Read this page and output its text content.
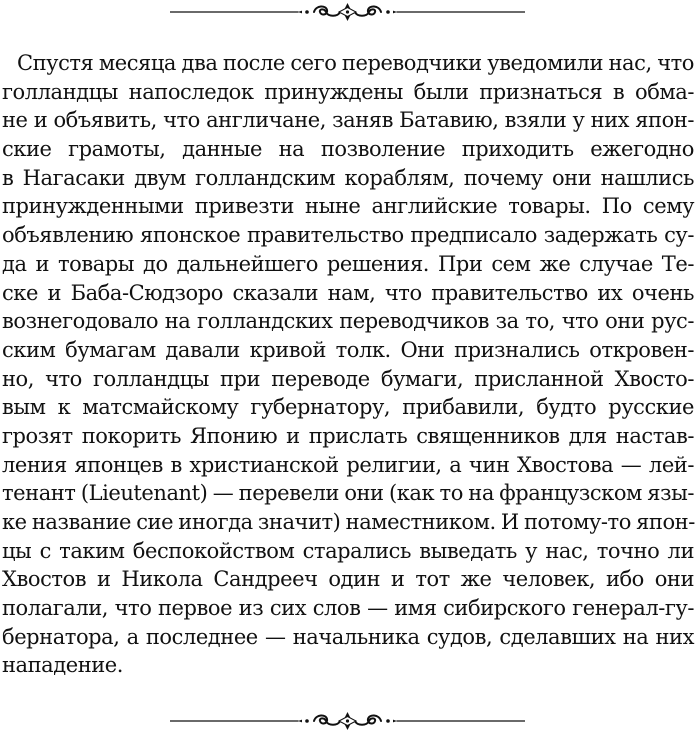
Спустя месяца два после сего переводчики уведомили нас, что
голландцы напоследок принуждены были признаться в обма-
не и объявить, что англичане, заняв Батавию, взяли у них япон-
ские грамоты, данные на позволение приходить ежегодно
в Нагасаки двум голландским кораблям, почему они нашлись
принужденными привезти ныне английские товары. По сему
объявлению японское правительство предписало задержать су-
да и товары до дальнейшего решения. При сем же случае Те-
ске и Баба-Сюдзоро сказали нам, что правительство их очень
вознегодовало на голландских переводчиков за то, что они рус-
ским бумагам давали кривой толк. Они признались откровен-
но, что голландцы при переводе бумаги, присланной Хвосто-
вым к матсмайскому губернатору, прибавили, будто русские
грозят покорить Японию и прислать священников для настав-
ления японцев в христианской религии, а чин Хвостова — лей-
тенант (Lieutenant) — перевели они (как то на французском язы-
ке название сие иногда значит) наместником. И потому-то япон-
цы с таким беспокойством старались выведать у нас, точно ли
Хвостов и Никола Сандрееч один и тот же человек, ибо они
полагали, что первое из сих слов — имя сибирского генерал-гу-
бернатора, а последнее — начальника судов, сделавших на них
нападение.
